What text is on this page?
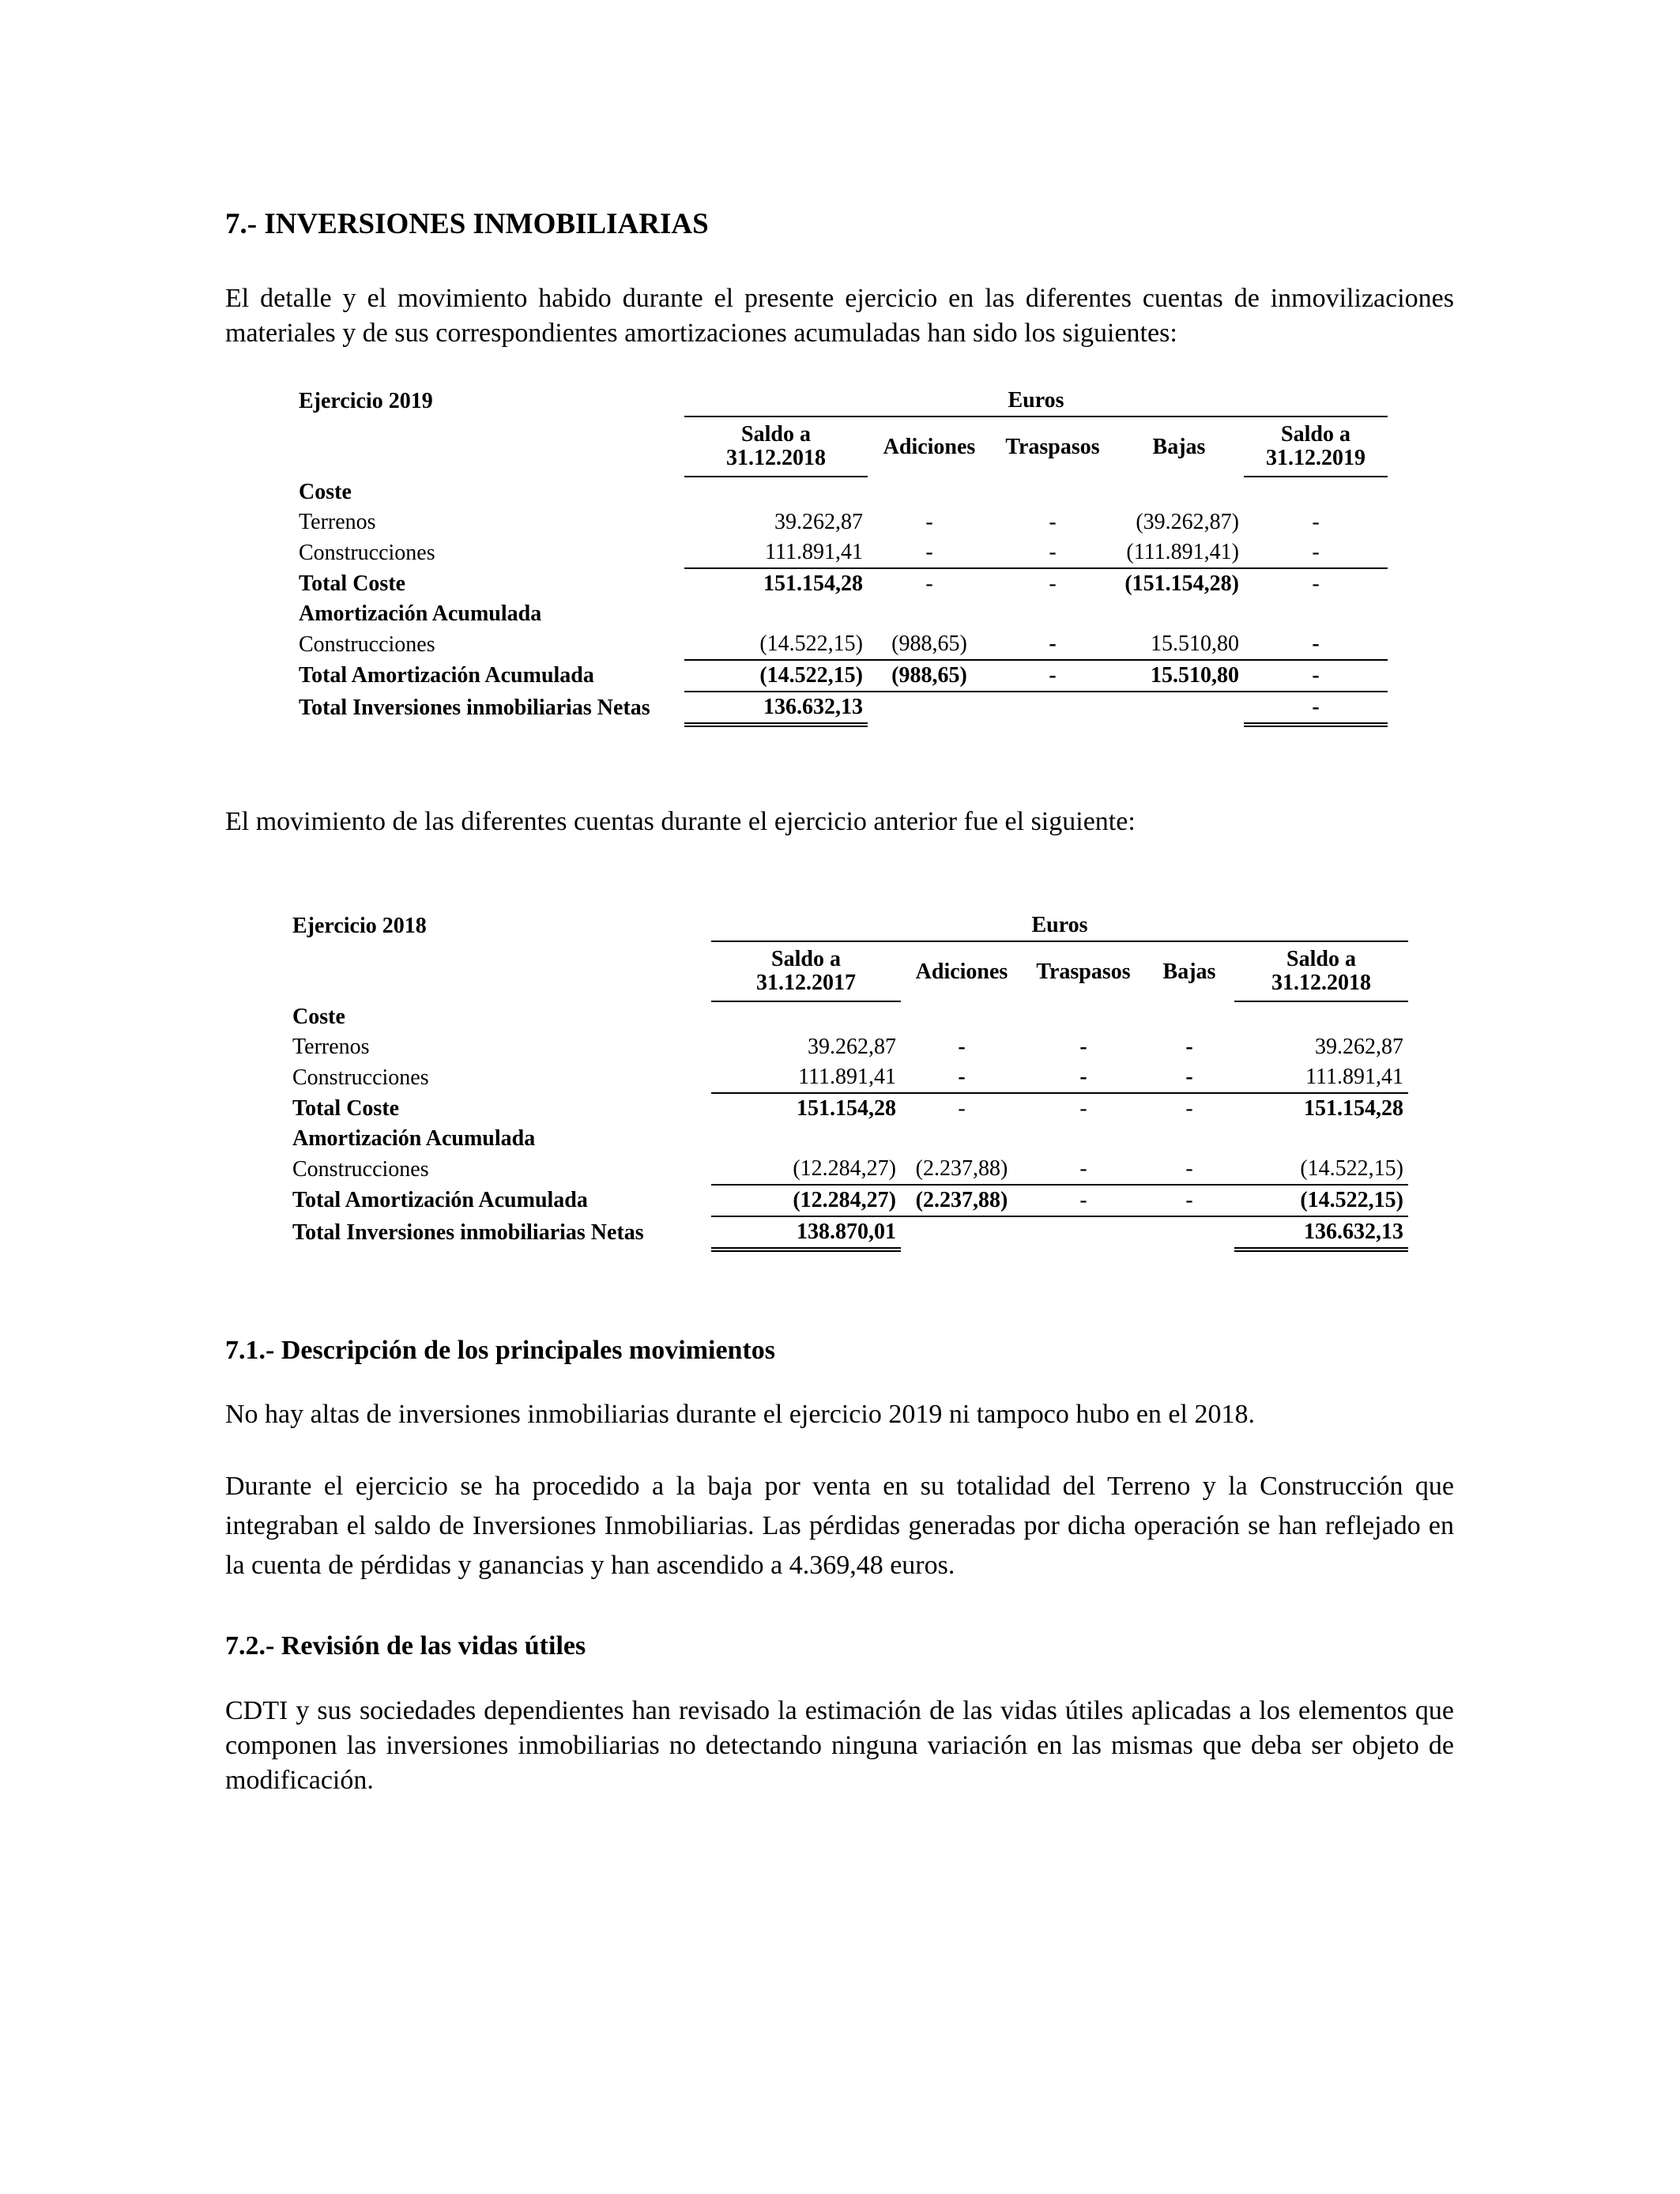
7.- INVERSIONES INMOBILIARIAS
El detalle y el movimiento habido durante el presente ejercicio en las diferentes cuentas de inmovilizaciones materiales y de sus correspondientes amortizaciones acumuladas han sido los siguientes:
Ejercicio 2019	Euros				
	Saldo a
31.12.2018	Adiciones	Traspasos	Bajas	Saldo a
31.12.2019
Coste					
Terrenos	39.262,87	-	-	(39.262,87)	-
Construcciones	111.891,41	-	-	(111.891,41)	-
Total Coste	151.154,28	-	-	(151.154,28)	-
Amortización Acumulada					
Construcciones	(14.522,15)	(988,65)	-	15.510,80	-
Total Amortización Acumulada	(14.522,15)	(988,65)	-	15.510,80	-
Total Inversiones inmobiliarias Netas	136.632,13				-
El movimiento de las diferentes cuentas durante el ejercicio anterior fue el siguiente:
Ejercicio 2018	Euros				
	Saldo a
31.12.2017	Adiciones	Traspasos	Bajas	Saldo a
31.12.2018
Coste					
Terrenos	39.262,87	-	-	-	39.262,87
Construcciones	111.891,41	-	-	-	111.891,41
Total Coste	151.154,28	-	-	-	151.154,28
Amortización Acumulada					
Construcciones	(12.284,27)	(2.237,88)	-	-	(14.522,15)
Total Amortización Acumulada	(12.284,27)	(2.237,88)	-	-	(14.522,15)
Total Inversiones inmobiliarias Netas	138.870,01				136.632,13
7.1.- Descripción de los principales movimientos
No hay altas de inversiones inmobiliarias durante el ejercicio 2019 ni tampoco hubo en el 2018.
Durante el ejercicio se ha procedido a la baja por venta en su totalidad del Terreno y la Construcción que integraban el saldo de Inversiones Inmobiliarias. Las pérdidas generadas por dicha operación se han reflejado en la cuenta de pérdidas y ganancias y han ascendido a 4.369,48 euros.
7.2.- Revisión de las vidas útiles
CDTI y sus sociedades dependientes han revisado la estimación de las vidas útiles aplicadas a los elementos que componen las inversiones inmobiliarias no detectando ninguna variación en las mismas que deba ser objeto de modificación.
